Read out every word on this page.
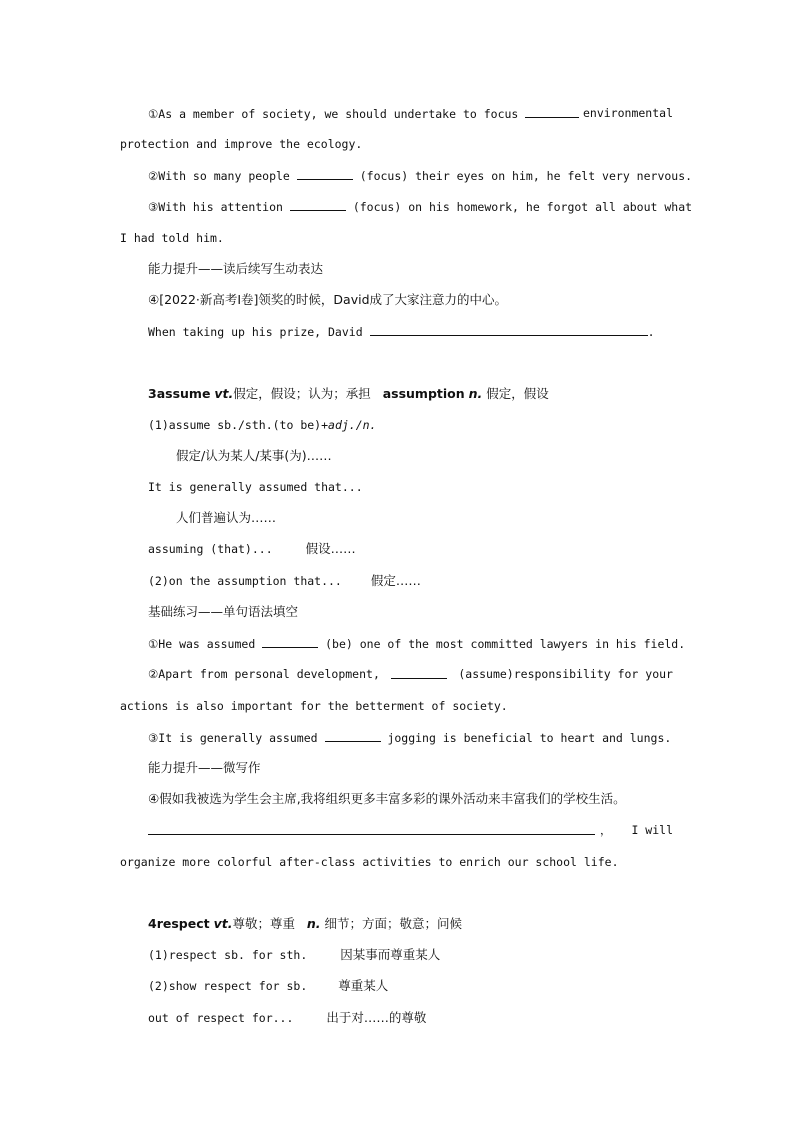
①As a member of society, we should undertake to focus	environmental
protection and improve the ecology.
②With so many people	(focus) their eyes on him, he felt very nervous.
③With his attention	(focus) on his homework, he forgot all about what
I had told him.
能力提升——读后续写生动表达
④[2022·新高考Ⅰ卷]领奖的时候，David成了大家注意力的中心。
When taking up his prize, David	.
3assume vt.假定，假设；认为；承担 assumption n. 假定，假设
(1)assume sb./sth.(to be)+adj./n.
假定/认为某人/某事(为)……
It is generally assumed that...
人们普遍认为……
assuming (that)...	假设……
(2)on the assumption that... 假定……
基础练习——单句语法填空
①He was assumed	(be) one of the most committed lawyers in his field.
②Apart from personal development,	(assume)responsibility for your
actions is also important for the betterment of society.
③It is generally assumed	jogging is beneficial to heart and lungs.
能力提升——微写作
④假如我被选为学生会主席,我将组织更多丰富多彩的课外活动来丰富我们的学校生活。
， I will
organize more colorful after-class activities to enrich our school life.
4respect vt.尊敬；尊重 n. 细节；方面；敬意；问候
(1)respect sb. for sth.	因某事而尊重某人
(2)show respect for sb. 尊重某人
out of respect for...	出于对……的尊敬
